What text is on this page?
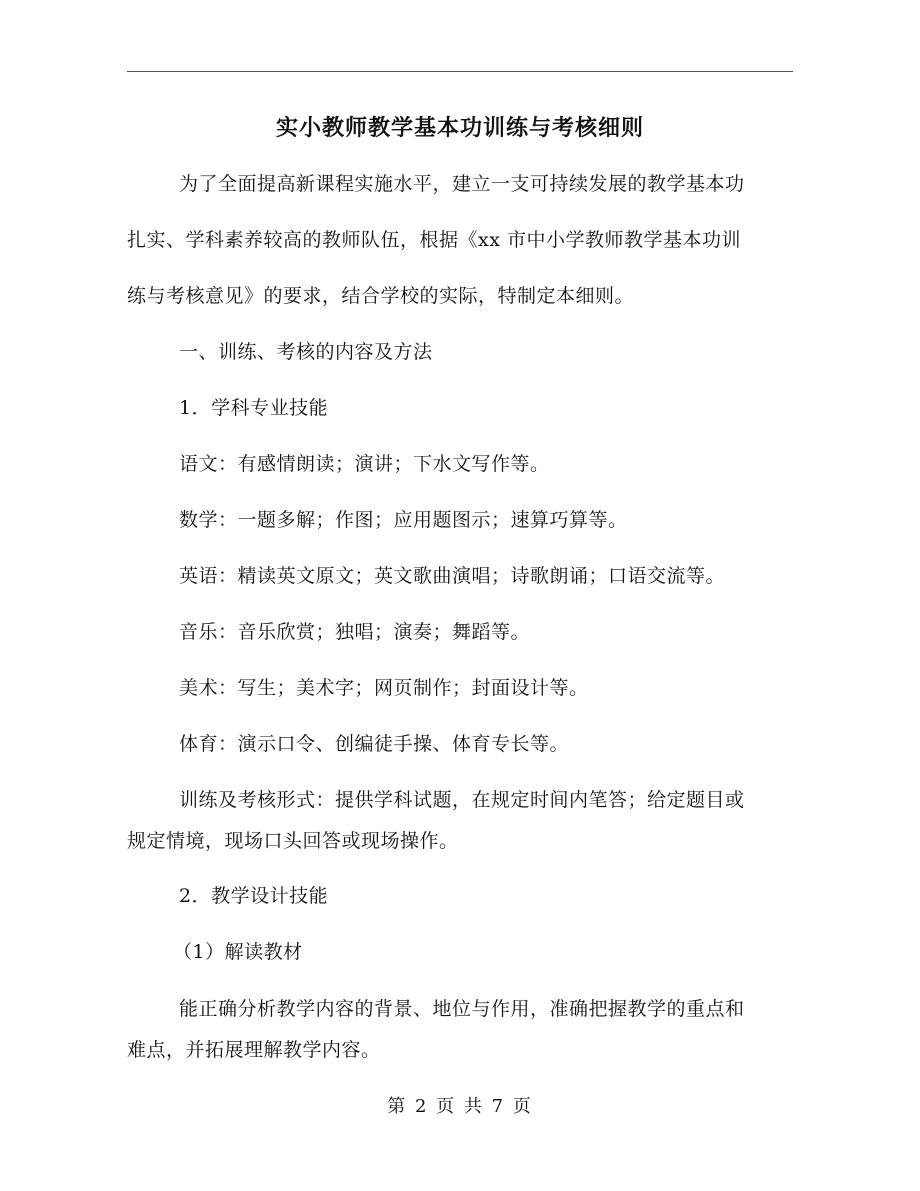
实小教师教学基本功训练与考核细则
为了全面提高新课程实施水平，建立一支可持续发展的教学基本功
扎实、学科素养较高的教师队伍，根据《xx 市中小学教师教学基本功训
练与考核意见》的要求，结合学校的实际，特制定本细则。
一、训练、考核的内容及方法
1．学科专业技能
语文：有感情朗读；演讲；下水文写作等。
数学：一题多解；作图；应用题图示；速算巧算等。
英语：精读英文原文；英文歌曲演唱；诗歌朗诵；口语交流等。
音乐：音乐欣赏；独唱；演奏；舞蹈等。
美术：写生；美术字；网页制作；封面设计等。
体育：演示口令、创编徒手操、体育专长等。
训练及考核形式：提供学科试题，在规定时间内笔答；给定题目或
规定情境，现场口头回答或现场操作。
2．教学设计技能
（1）解读教材
能正确分析教学内容的背景、地位与作用，准确把握教学的重点和
难点，并拓展理解教学内容。
第 2 页 共 7 页
